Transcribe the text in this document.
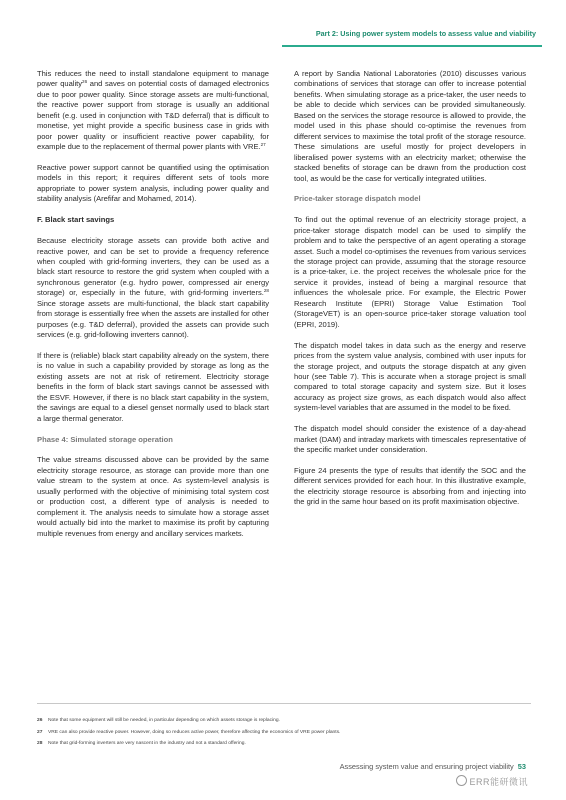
Part 2: Using power system models to assess value and viability

This reduces the need to install standalone equipment to manage power quality$^{26}$ and saves on potential costs of damaged electronics due to poor power quality. Since storage assets are multi-functional, the reactive power support from storage is usually an additional benefit (e.g. used in conjunction with T&D deferral) that is difficult to monetise, yet might provide a specific business case in grids with poor power quality or insufficient reactive power capability, for example due to the replacement of thermal power plants with VRE.$^{27}$

Reactive power support cannot be quantified using the optimisation models in this report; it requires different sets of tools more appropriate to power system analysis, including power quality and stability analysis (Arefifar and Mohamed, 2014).

F. Black start savings

Because electricity storage assets can provide both active and reactive power, and can be set to provide a frequency reference when coupled with grid-forming inverters, they can be used as a black start resource to restore the grid system when coupled with a synchronous generator (e.g. hydro power, compressed air energy storage) or, especially in the future, with grid-forming inverters.$^{28}$ Since storage assets are multi-functional, the black start capability from storage is essentially free when the assets are installed for other purposes (e.g. T&D deferral), provided the assets can provide such services (e.g. grid-following inverters cannot).

If there is (reliable) black start capability already on the system, there is no value in such a capability provided by storage as long as the existing assets are not at risk of retirement. Electricity storage benefits in the form of black start savings cannot be assessed with the ESVF. However, if there is no black start capability in the system, the savings are equal to a diesel genset normally used to black start a large thermal generator.

Phase 4: Simulated storage operation

The value streams discussed above can be provided by the same electricity storage resource, as storage can provide more than one value stream to the system at once. As system-level analysis is usually performed with the objective of minimising total system cost or production cost, a different type of analysis is needed to complement it. The analysis needs to simulate how a storage asset would actually bid into the market to maximise its profit by capturing multiple revenues from energy and ancillary services markets.

A report by Sandia National Laboratories (2010) discusses various combinations of services that storage can offer to increase potential benefits. When simulating storage as a price-taker, the user needs to be able to decide which services can be provided simultaneously. Based on the services the storage resource is allowed to provide, the model used in this phase should co-optimise the revenues from different services to maximise the total profit of the storage resource. These simulations are useful mostly for project developers in liberalised power systems with an electricity market; otherwise the stacked benefits of storage can be drawn from the production cost tool, as would be the case for vertically integrated utilities.

Price-taker storage dispatch model

To find out the optimal revenue of an electricity storage project, a price-taker storage dispatch model can be used to simplify the problem and to take the perspective of an agent operating a storage asset. Such a model co-optimises the revenues from various services the storage project can provide, assuming that the storage resource is a price-taker, i.e. the project receives the wholesale price for the service it provides, instead of being a marginal resource that influences the wholesale price. For example, the Electric Power Research Institute (EPRI) Storage Value Estimation Tool (StorageVET) is an open-source price-taker storage valuation tool (EPRI, 2019).

The dispatch model takes in data such as the energy and reserve prices from the system value analysis, combined with user inputs for the storage project, and outputs the storage dispatch at any given hour (see Table 7). This is accurate when a storage project is small compared to total storage capacity and system size. But it loses accuracy as project size grows, as each dispatch would also affect system-level variables that are assumed in the model to be fixed.

The dispatch model should consider the existence of a day-ahead market (DAM) and intraday markets with timescales representative of the specific market under consideration.

Figure 24 presents the type of results that identify the SOC and the different services provided for each hour. In this illustrative example, the electricity storage resource is absorbing from and injecting into the grid in the same hour based on its profit maximisation objective.

26 Note that some equipment will still be needed, in particular depending on which assets storage is replacing.
27 VRE can also provide reactive power. However, doing so reduces active power, therefore affecting the economics of VRE power plants.
28 Note that grid-forming inverters are very nascent in the industry and not a standard offering.
Assessing system value and ensuring project viability 53
ERR能研微讯
